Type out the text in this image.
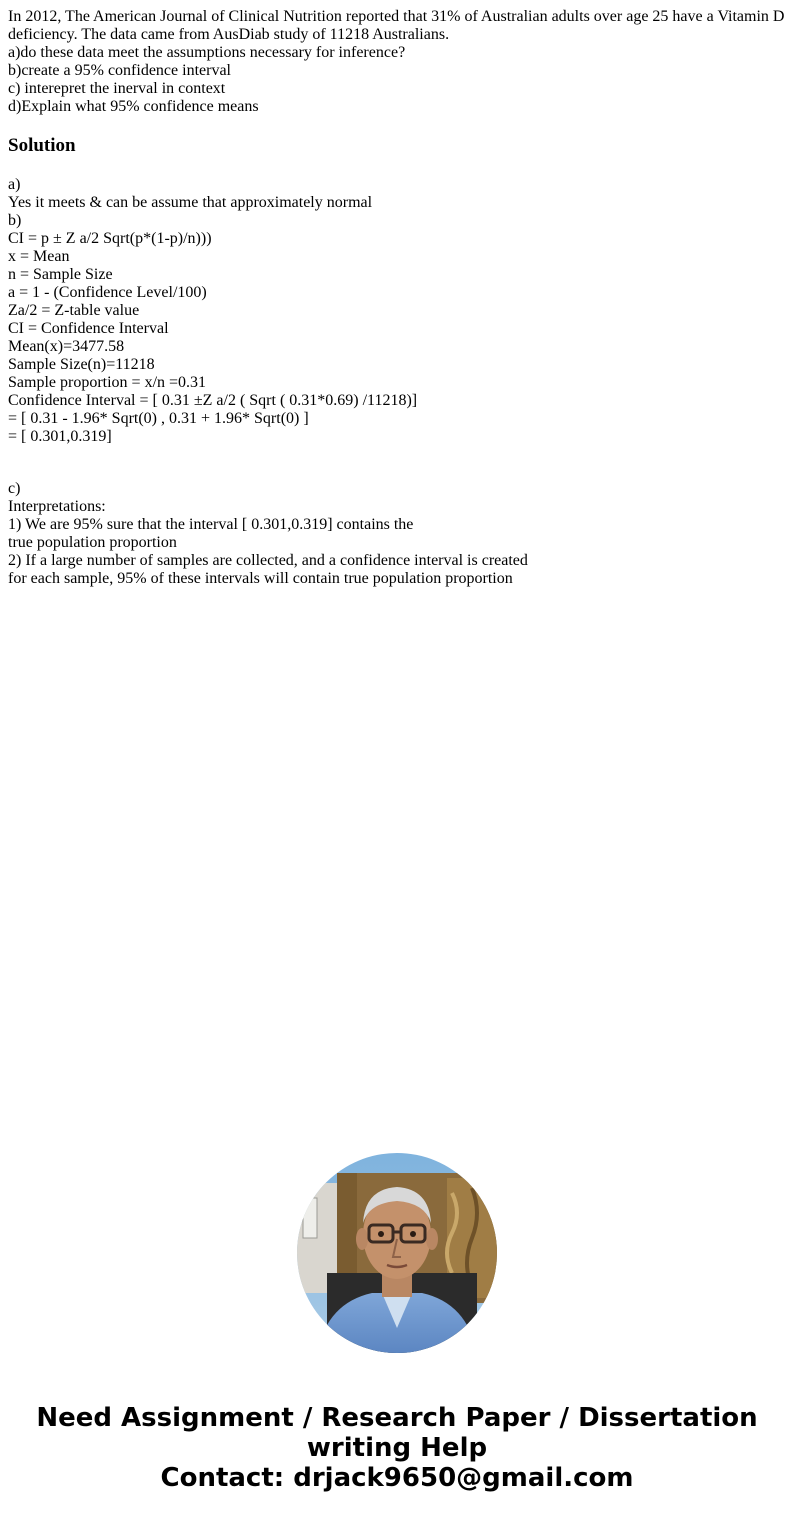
In 2012, The American Journal of Clinical Nutrition reported that 31% of Australian adults over age 25 have a Vitamin D
deficiency. The data came from AusDiab study of 11218 Australians.
a)do these data meet the assumptions necessary for inference?
b)create a 95% confidence interval
c) interepret the inerval in context
d)Explain what 95% confidence means
Solution
a)
Yes it meets & can be assume that approximately normal
b)
CI = p ± Z a/2 Sqrt(p*(1-p)/n)))
x = Mean
n = Sample Size
a = 1 - (Confidence Level/100)
Za/2 = Z-table value
CI = Confidence Interval
Mean(x)=3477.58
Sample Size(n)=11218
Sample proportion = x/n =0.31
Confidence Interval = [ 0.31 ±Z a/2 ( Sqrt ( 0.31*0.69) /11218)]
= [ 0.31 - 1.96* Sqrt(0) , 0.31 + 1.96* Sqrt(0) ]
= [ 0.301,0.319]
c)
Interpretations:
1) We are 95% sure that the interval [ 0.301,0.319] contains the
true population proportion
2) If a large number of samples are collected, and a confidence interval is created
for each sample, 95% of these intervals will contain true population proportion
Need Assignment / Research Paper / Dissertation
writing Help
Contact: drjack9650@gmail.com
